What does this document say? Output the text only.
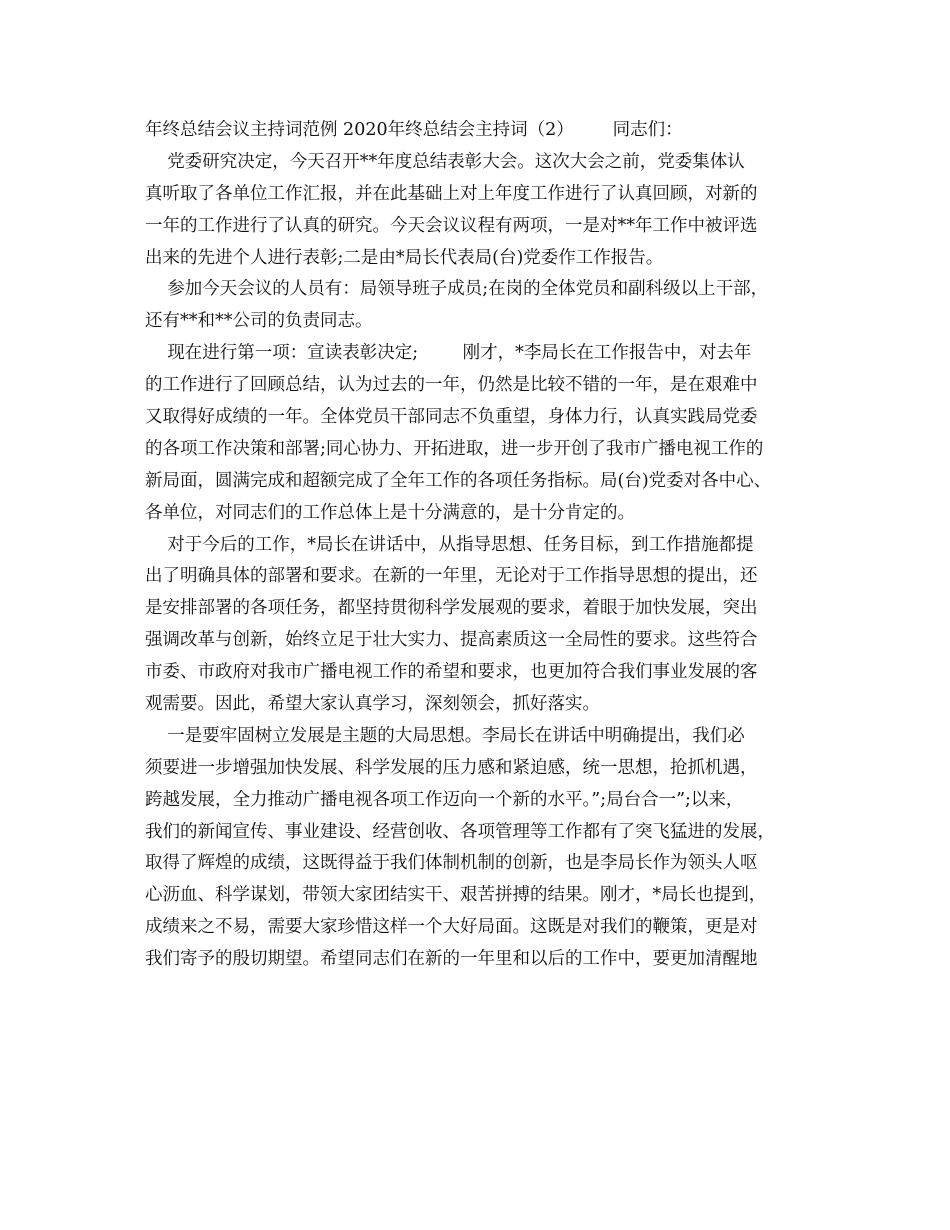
年终总结会议主持词范例 2020年终总结会主持词（2）       同志们：
党委研究决定，今天召开**年度总结表彰大会。这次大会之前，党委集体认
真听取了各单位工作汇报，并在此基础上对上年度工作进行了认真回顾，对新的
一年的工作进行了认真的研究。今天会议议程有两项，一是对**年工作中被评选
出来的先进个人进行表彰;二是由*局长代表局(台)党委作工作报告。
参加今天会议的人员有：局领导班子成员;在岗的全体党员和副科级以上干部，
还有**和**公司的负责同志。
现在进行第一项：宣读表彰决定;        刚才，*李局长在工作报告中，对去年
的工作进行了回顾总结，认为过去的一年，仍然是比较不错的一年，是在艰难中
又取得好成绩的一年。全体党员干部同志不负重望，身体力行，认真实践局党委
的各项工作决策和部署;同心协力、开拓进取，进一步开创了我市广播电视工作的
新局面，圆满完成和超额完成了全年工作的各项任务指标。局(台)党委对各中心、
各单位，对同志们的工作总体上是十分满意的，是十分肯定的。
对于今后的工作，*局长在讲话中，从指导思想、任务目标，到工作措施都提
出了明确具体的部署和要求。在新的一年里，无论对于工作指导思想的提出，还
是安排部署的各项任务，都坚持贯彻科学发展观的要求，着眼于加快发展，突出
强调改革与创新，始终立足于壮大实力、提高素质这一全局性的要求。这些符合
市委、市政府对我市广播电视工作的希望和要求，也更加符合我们事业发展的客
观需要。因此，希望大家认真学习，深刻领会，抓好落实。
一是要牢固树立发展是主题的大局思想。李局长在讲话中明确提出，我们必
须要进一步增强加快发展、科学发展的压力感和紧迫感，统一思想，抢抓机遇，
跨越发展，全力推动广播电视各项工作迈向一个新的水平。”;局台合一”;以来，
我们的新闻宣传、事业建设、经营创收、各项管理等工作都有了突飞猛进的发展，
取得了辉煌的成绩，这既得益于我们体制机制的创新，也是李局长作为领头人呕
心沥血、科学谋划，带领大家团结实干、艰苦拼搏的结果。刚才，*局长也提到，
成绩来之不易，需要大家珍惜这样一个大好局面。这既是对我们的鞭策，更是对
我们寄予的殷切期望。希望同志们在新的一年里和以后的工作中，要更加清醒地
